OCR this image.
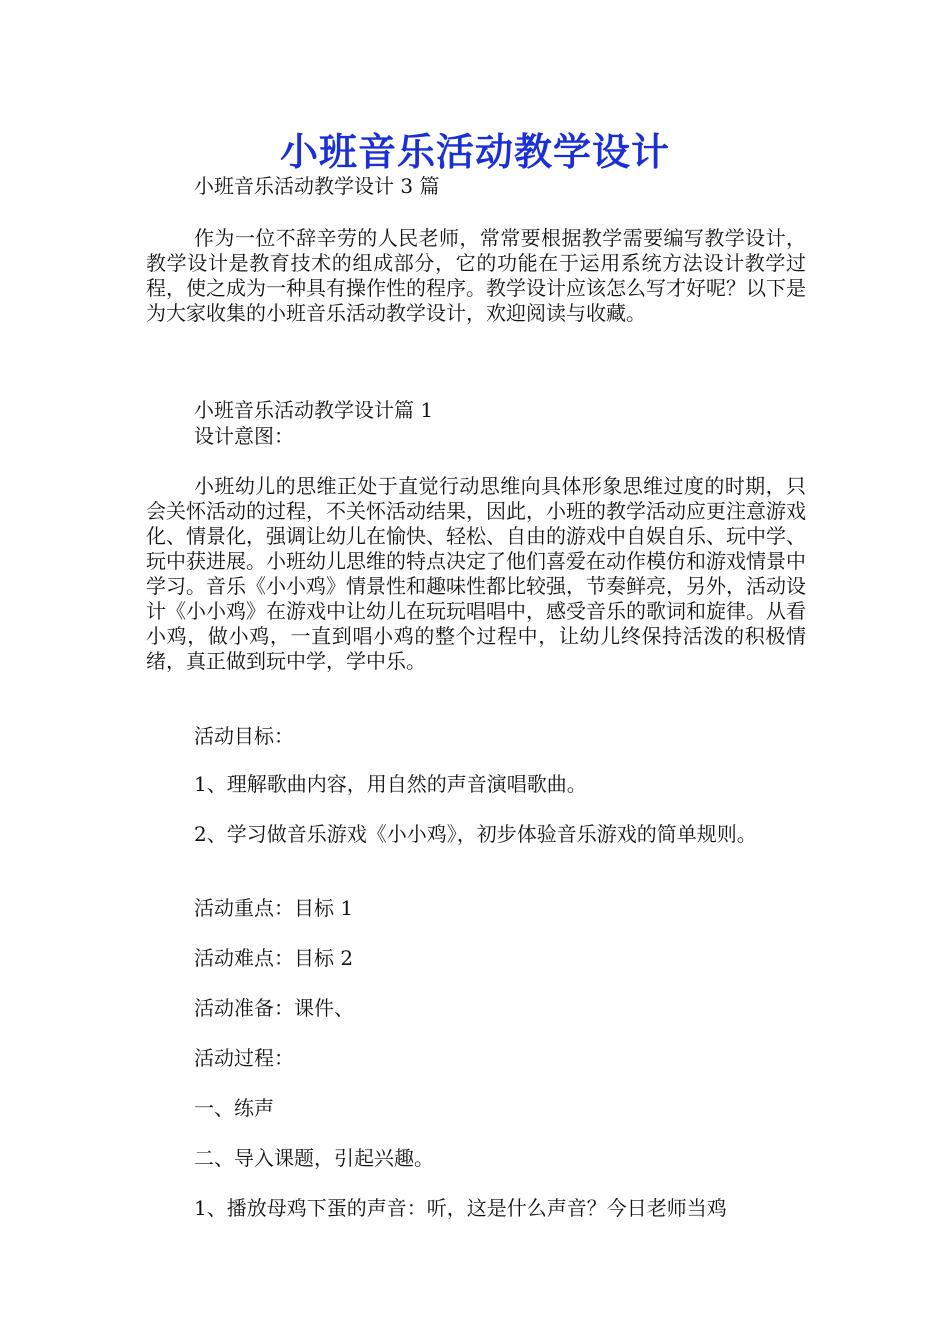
小班音乐活动教学设计
小班音乐活动教学设计 3 篇
作为一位不辞辛劳的人民老师，常常要根据教学需要编写教学设计，教学设计是教育技术的组成部分，它的功能在于运用系统方法设计教学过程，使之成为一种具有操作性的程序。教学设计应该怎么写才好呢？以下是为大家收集的小班音乐活动教学设计，欢迎阅读与收藏。
小班音乐活动教学设计篇 1
设计意图：
小班幼儿的思维正处于直觉行动思维向具体形象思维过度的时期，只会关怀活动的过程，不关怀活动结果，因此，小班的教学活动应更注意游戏化、情景化，强调让幼儿在愉快、轻松、自由的游戏中自娱自乐、玩中学、玩中获进展。小班幼儿思维的特点决定了他们喜爱在动作模仿和游戏情景中学习。音乐《小小鸡》情景性和趣味性都比较强，节奏鲜亮，另外，活动设计《小小鸡》在游戏中让幼儿在玩玩唱唱中，感受音乐的歌词和旋律。从看小鸡，做小鸡，一直到唱小鸡的整个过程中，让幼儿终保持活泼的积极情绪，真正做到玩中学，学中乐。
活动目标：
1、理解歌曲内容，用自然的声音演唱歌曲。
2、学习做音乐游戏《小小鸡》，初步体验音乐游戏的简单规则。
活动重点：目标 1
活动难点：目标 2
活动准备：课件、
活动过程：
一、练声
二、导入课题，引起兴趣。
1、播放母鸡下蛋的声音：听，这是什么声音？今日老师当鸡
